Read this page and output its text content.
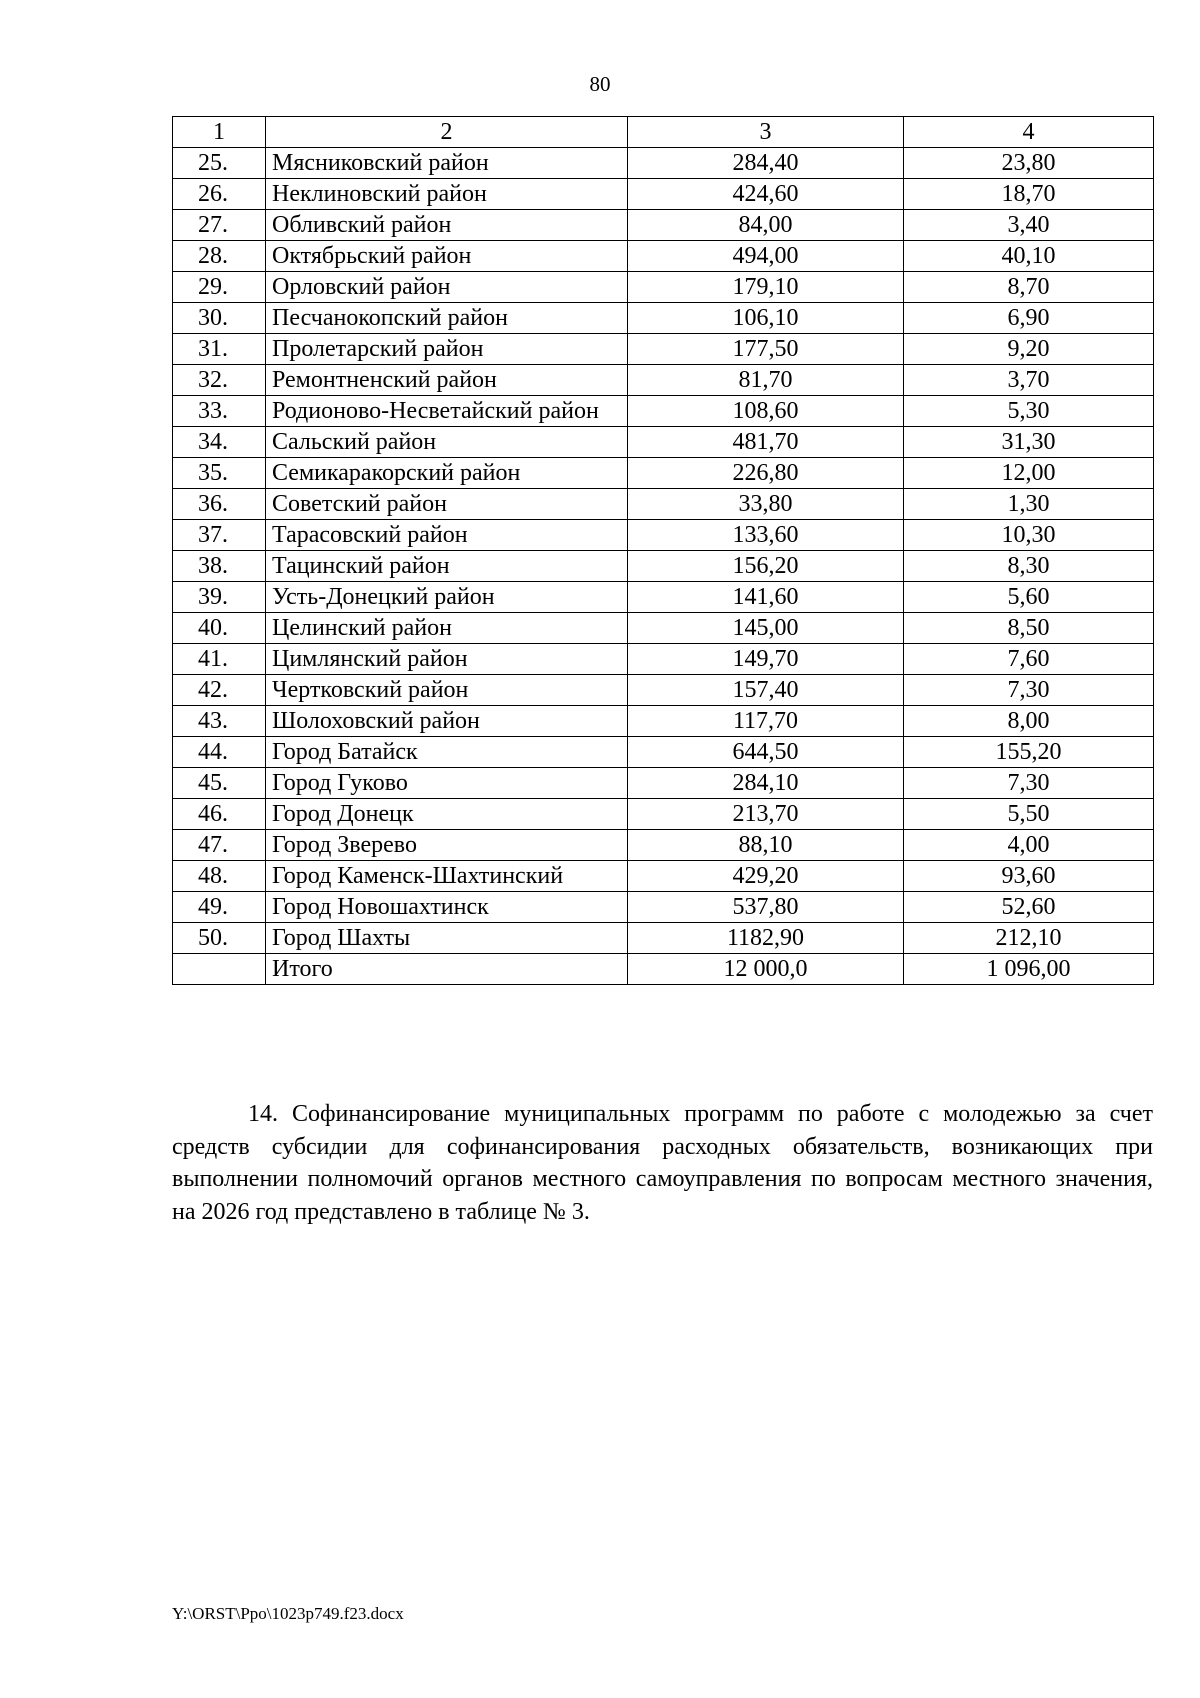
80
1	2	3	4
25.	Мясниковский район	284,40	23,80
26.	Неклиновский район	424,60	18,70
27.	Обливский район	84,00	3,40
28.	Октябрьский район	494,00	40,10
29.	Орловский район	179,10	8,70
30.	Песчанокопский район	106,10	6,90
31.	Пролетарский район	177,50	9,20
32.	Ремонтненский район	81,70	3,70
33.	Родионово-Несветайский район	108,60	5,30
34.	Сальский район	481,70	31,30
35.	Семикаракорский район	226,80	12,00
36.	Советский район	33,80	1,30
37.	Тарасовский район	133,60	10,30
38.	Тацинский район	156,20	8,30
39.	Усть-Донецкий район	141,60	5,60
40.	Целинский район	145,00	8,50
41.	Цимлянский район	149,70	7,60
42.	Чертковский район	157,40	7,30
43.	Шолоховский район	117,70	8,00
44.	Город Батайск	644,50	155,20
45.	Город Гуково	284,10	7,30
46.	Город Донецк	213,70	5,50
47.	Город Зверево	88,10	4,00
48.	Город Каменск-Шахтинский	429,20	93,60
49.	Город Новошахтинск	537,80	52,60
50.	Город Шахты	1182,90	212,10
	Итого	12 000,0	1 096,00

14. Софинансирование муниципальных программ по работе с молодежью за счет средств субсидии для софинансирования расходных обязательств, возникающих при выполнении полномочий органов местного самоуправления по вопросам местного значения, на 2026 год представлено в таблице № 3.

Y:\ORST\Ppo\1023p749.f23.docx
